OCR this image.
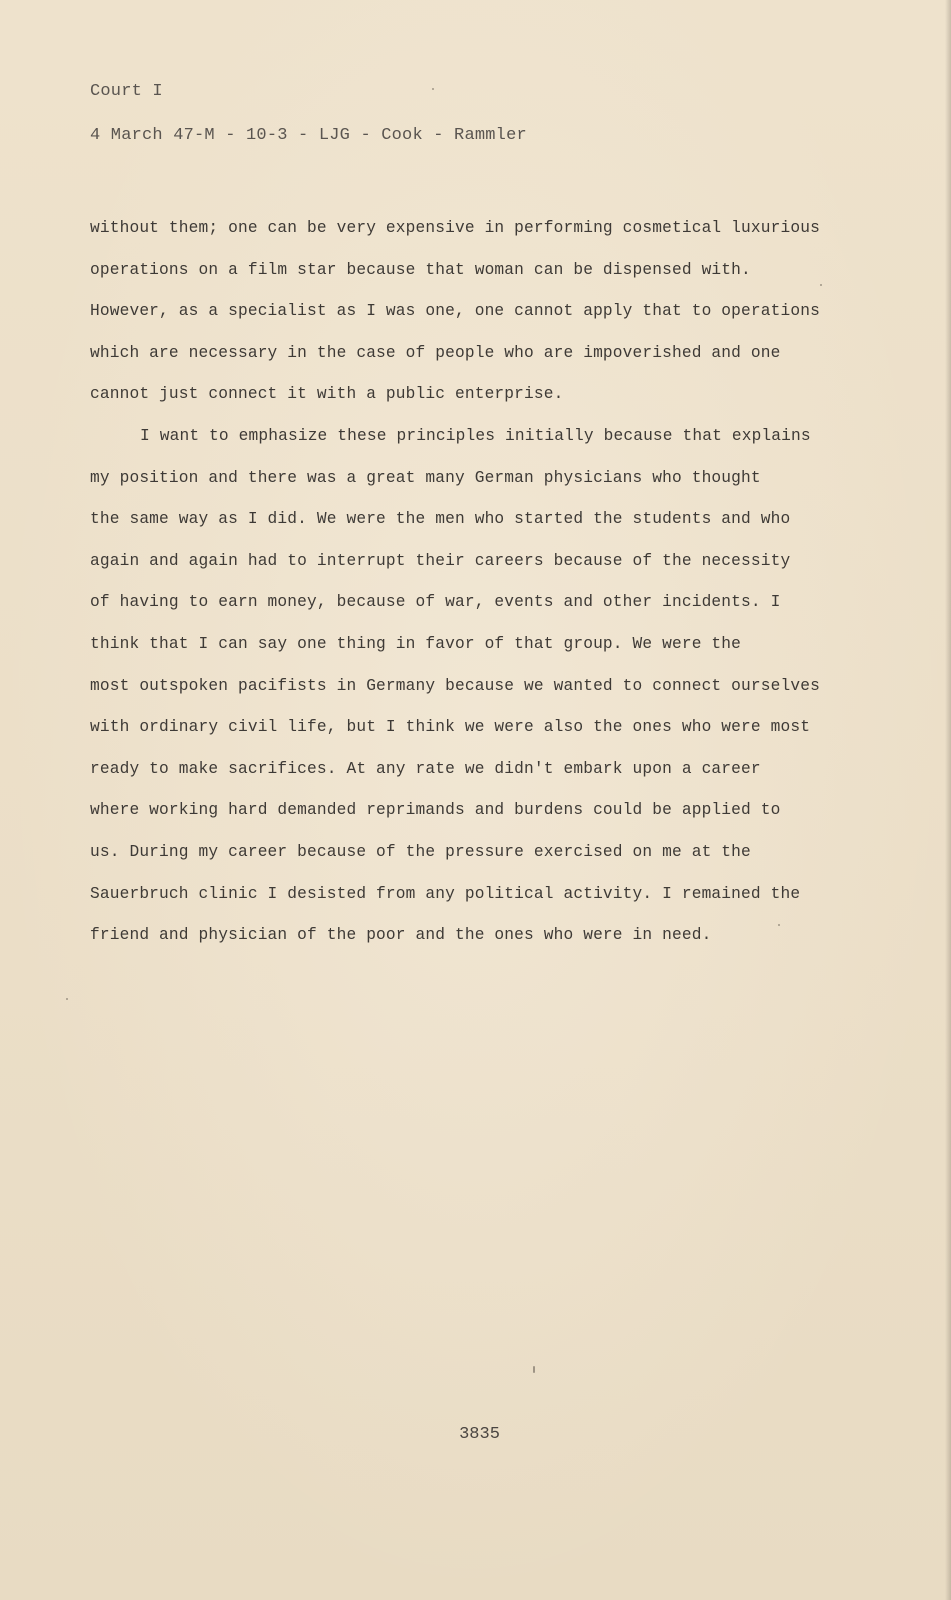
Court I
4 March 47-M - 10-3 - LJG - Cook - Rammler

without them; one can be very expensive in performing cosmetical luxurious
operations on a film star because that woman can be dispensed with.
However, as a specialist as I was one, one cannot apply that to operations
which are necessary in the case of people who are impoverished and one
cannot just connect it with a public enterprise.

I want to emphasize these principles initially because that explains
my position and there was a great many German physicians who thought
the same way as I did. We were the men who started the students and who
again and again had to interrupt their careers because of the necessity
of having to earn money, because of war, events and other incidents. I
think that I can say one thing in favor of that group. We were the
most outspoken pacifists in Germany because we wanted to connect ourselves
with ordinary civil life, but I think we were also the ones who were most
ready to make sacrifices. At any rate we didn't embark upon a career
where working hard demanded reprimands and burdens could be applied to
us. During my career because of the pressure exercised on me at the
Sauerbruch clinic I desisted from any political activity. I remained the
friend and physician of the poor and the ones who were in need.

3835
